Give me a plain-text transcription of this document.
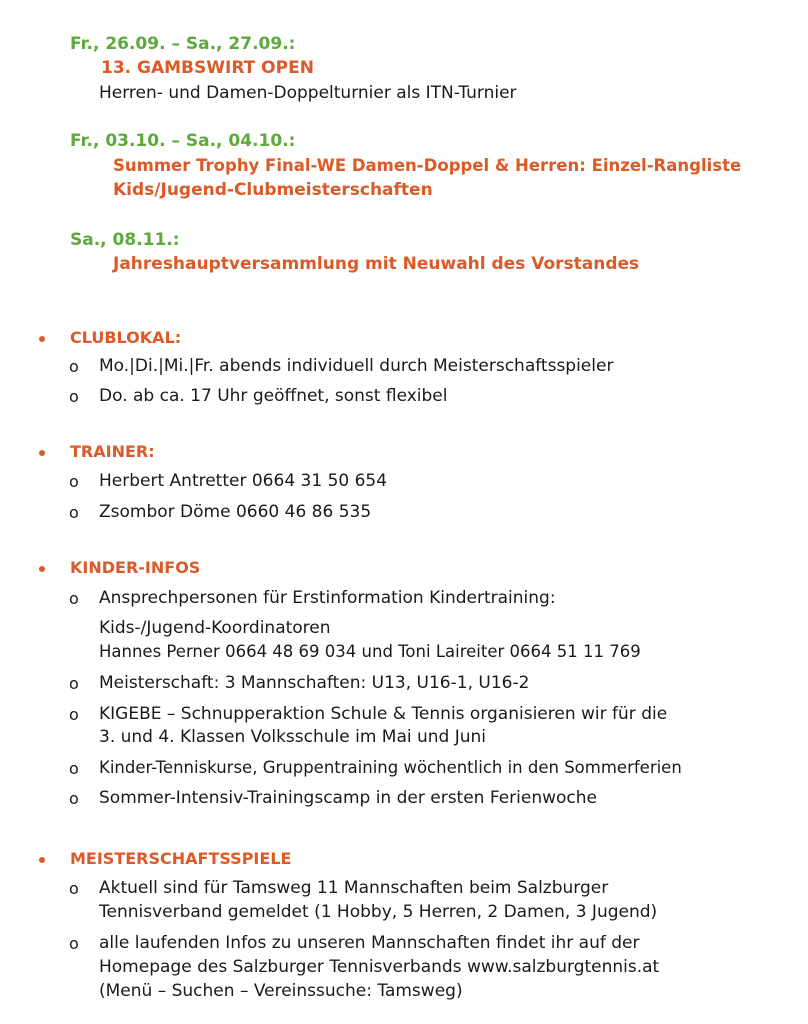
Fr., 26.09. – Sa., 27.09.:
13. GAMBSWIRT OPEN
Herren- und Damen-Doppelturnier als ITN-Turnier
Fr., 03.10. – Sa., 04.10.:
Summer Trophy Final-WE Damen-Doppel & Herren: Einzel-Rangliste
Kids/Jugend-Clubmeisterschaften
Sa., 08.11.:
Jahreshauptversammlung mit Neuwahl des Vorstandes
CLUBLOKAL:
o Mo.|Di.|Mi.|Fr. abends individuell durch Meisterschaftsspieler
o Do. ab ca. 17 Uhr geöffnet, sonst flexibel
TRAINER:
o Herbert Antretter 0664 31 50 654
o Zsombor Döme 0660 46 86 535
KINDER-INFOS
o Ansprechpersonen für Erstinformation Kindertraining:
Kids-/Jugend-Koordinatoren
Hannes Perner 0664 48 69 034 und Toni Laireiter 0664 51 11 769
o Meisterschaft: 3 Mannschaften: U13, U16-1, U16-2
o KIGEBE – Schnupperaktion Schule & Tennis organisieren wir für die
3. und 4. Klassen Volksschule im Mai und Juni
o Kinder-Tenniskurse, Gruppentraining wöchentlich in den Sommerferien
o Sommer-Intensiv-Trainingscamp in der ersten Ferienwoche
MEISTERSCHAFTSSPIELE
o Aktuell sind für Tamsweg 11 Mannschaften beim Salzburger
Tennisverband gemeldet (1 Hobby, 5 Herren, 2 Damen, 3 Jugend)
o alle laufenden Infos zu unseren Mannschaften findet ihr auf der
Homepage des Salzburger Tennisverbands www.salzburgtennis.at
(Menü – Suchen – Vereinssuche: Tamsweg)
